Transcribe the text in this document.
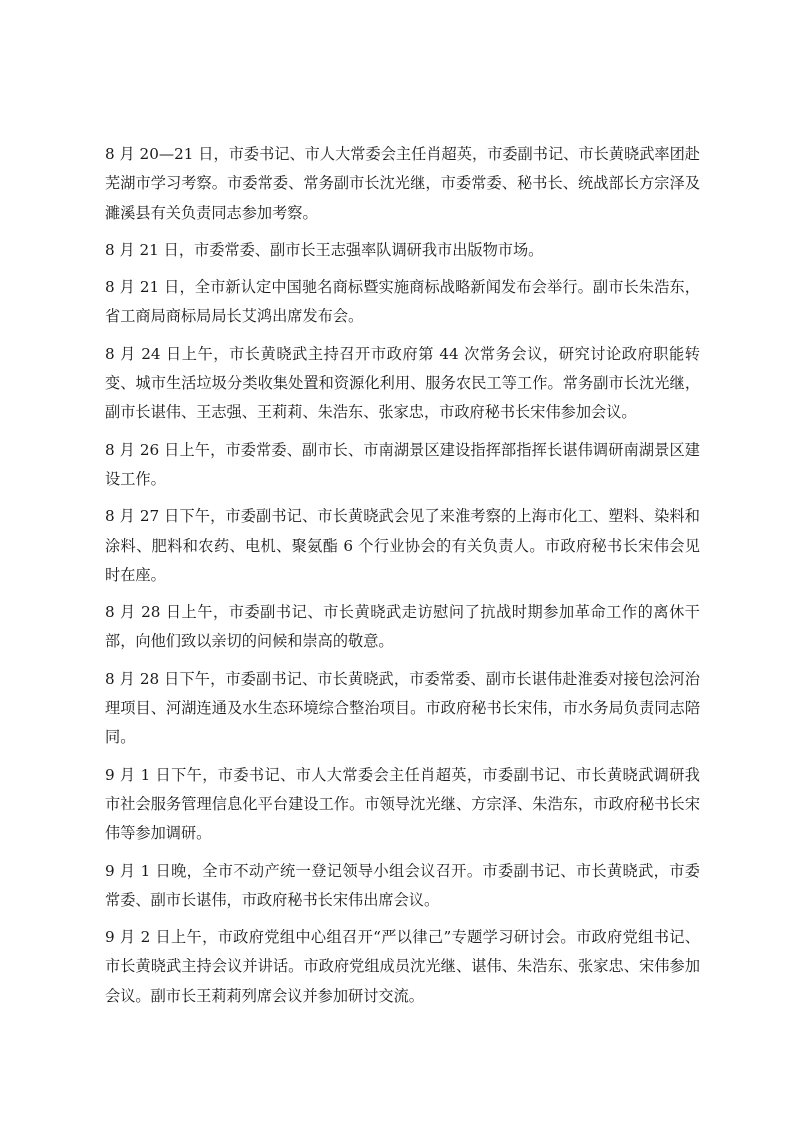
8 月 20—21 日，市委书记、市人大常委会主任肖超英，市委副书记、市长黄晓武率团赴芜湖市学习考察。市委常委、常务副市长沈光继，市委常委、秘书长、统战部长方宗泽及濉溪县有关负责同志参加考察。

8 月 21 日，市委常委、副市长王志强率队调研我市出版物市场。

8 月 21 日，全市新认定中国驰名商标暨实施商标战略新闻发布会举行。副市长朱浩东，省工商局商标局局长艾鸿出席发布会。

8 月 24 日上午，市长黄晓武主持召开市政府第 44 次常务会议，研究讨论政府职能转变、城市生活垃圾分类收集处置和资源化利用、服务农民工等工作。常务副市长沈光继，副市长谌伟、王志强、王莉莉、朱浩东、张家忠，市政府秘书长宋伟参加会议。

8 月 26 日上午，市委常委、副市长、市南湖景区建设指挥部指挥长谌伟调研南湖景区建设工作。

8 月 27 日下午，市委副书记、市长黄晓武会见了来淮考察的上海市化工、塑料、染料和涂料、肥料和农药、电机、聚氨酯 6 个行业协会的有关负责人。市政府秘书长宋伟会见时在座。

8 月 28 日上午，市委副书记、市长黄晓武走访慰问了抗战时期参加革命工作的离休干部，向他们致以亲切的问候和崇高的敬意。

8 月 28 日下午，市委副书记、市长黄晓武，市委常委、副市长谌伟赴淮委对接包浍河治理项目、河湖连通及水生态环境综合整治项目。市政府秘书长宋伟，市水务局负责同志陪同。

9 月 1 日下午，市委书记、市人大常委会主任肖超英，市委副书记、市长黄晓武调研我市社会服务管理信息化平台建设工作。市领导沈光继、方宗泽、朱浩东，市政府秘书长宋伟等参加调研。

9 月 1 日晚，全市不动产统一登记领导小组会议召开。市委副书记、市长黄晓武，市委常委、副市长谌伟，市政府秘书长宋伟出席会议。

9 月 2 日上午，市政府党组中心组召开“严以律己”专题学习研讨会。市政府党组书记、市长黄晓武主持会议并讲话。市政府党组成员沈光继、谌伟、朱浩东、张家忠、宋伟参加会议。副市长王莉莉列席会议并参加研讨交流。
